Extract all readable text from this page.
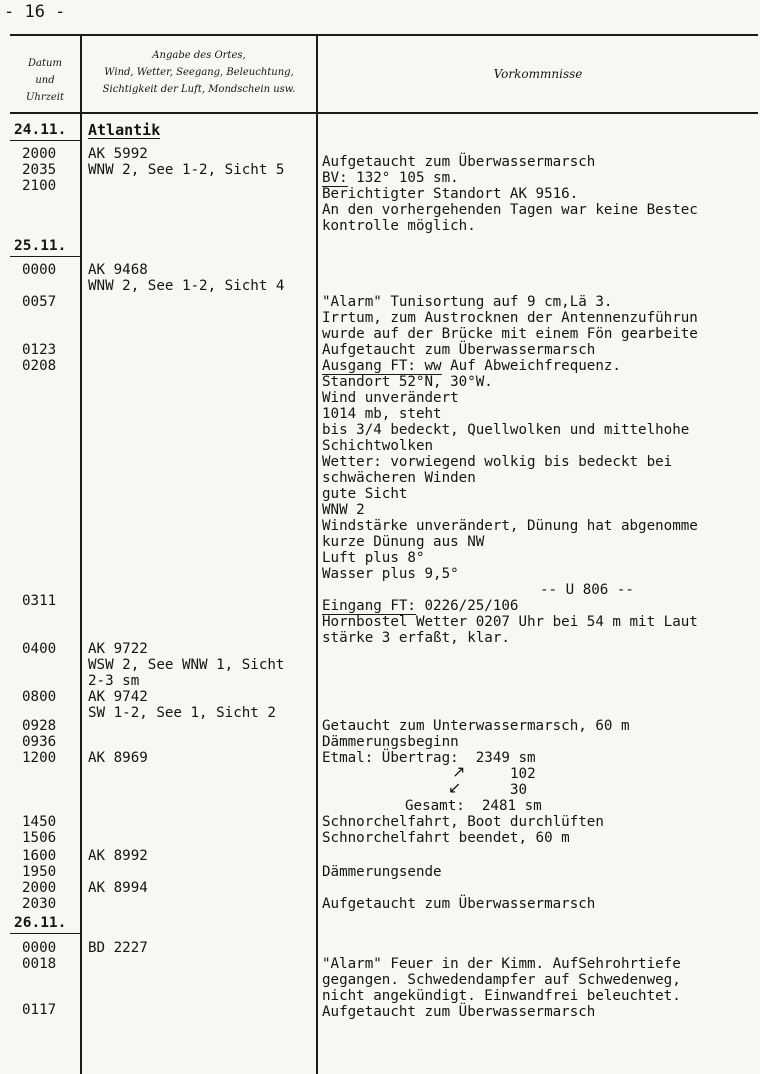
- 16 -
Datum
und
Uhrzeit
Angabe des Ortes,
Wind, Wetter, Seegang, Beleuchtung,
Sichtigkeit der Luft, Mondschein usw.
Vorkommnisse
24.11.
25.11.
26.11.
2000
2035
2100
0000
0057
0123
0208
0311
0400
0800
0928
0936
1200
1450
1506
1600
1950
2000
2030
0000
0018
0117
Atlantik
AK 5992
WNW 2, See 1-2, Sicht 5
AK 9468
WNW 2, See 1-2, Sicht 4
AK 9722
WSW 2, See WNW 1, Sicht
2-3 sm
AK 9742
SW 1-2, See 1, Sicht 2
AK 8969
AK 8992
AK 8994
BD 2227
Aufgetaucht zum Überwassermarsch
BV: 132° 105 sm.
Berichtigter Standort AK 9516.
An den vorhergehenden Tagen war keine Bestec
kontrolle möglich.
"Alarm" Tunisortung auf 9 cm,Lä 3.
Irrtum, zum Austrocknen der Antennenzuführun
wurde auf der Brücke mit einem Fön gearbeite
Aufgetaucht zum Überwassermarsch
Ausgang FT: ww Auf Abweichfrequenz.
Standort 52°N, 30°W.
Wind unverändert
1014 mb, steht
bis 3/4 bedeckt, Quellwolken und mittelhohe
Schichtwolken
Wetter: vorwiegend wolkig bis bedeckt bei
schwächeren Winden
gute Sicht
WNW 2
Windstärke unverändert, Dünung hat abgenomme
kurze Dünung aus NW
Luft plus 8°
Wasser plus 9,5°
-- U 806 --
Eingang FT: 0226/25/106
Hornbostel Wetter 0207 Uhr bei 54 m mit Laut
stärke 3 erfaßt, klar.
Getaucht zum Unterwassermarsch, 60 m
Dämmerungsbeginn
Etmal: Übertrag:  2349 sm
102
30
Gesamt:  2481 sm
↗
↙
Schnorchelfahrt, Boot durchlüften
Schnorchelfahrt beendet, 60 m
Dämmerungsende
Aufgetaucht zum Überwassermarsch
"Alarm" Feuer in der Kimm. AufSehrohrtiefe
gegangen. Schwedendampfer auf Schwedenweg,
nicht angekündigt. Einwandfrei beleuchtet.
Aufgetaucht zum Überwassermarsch
